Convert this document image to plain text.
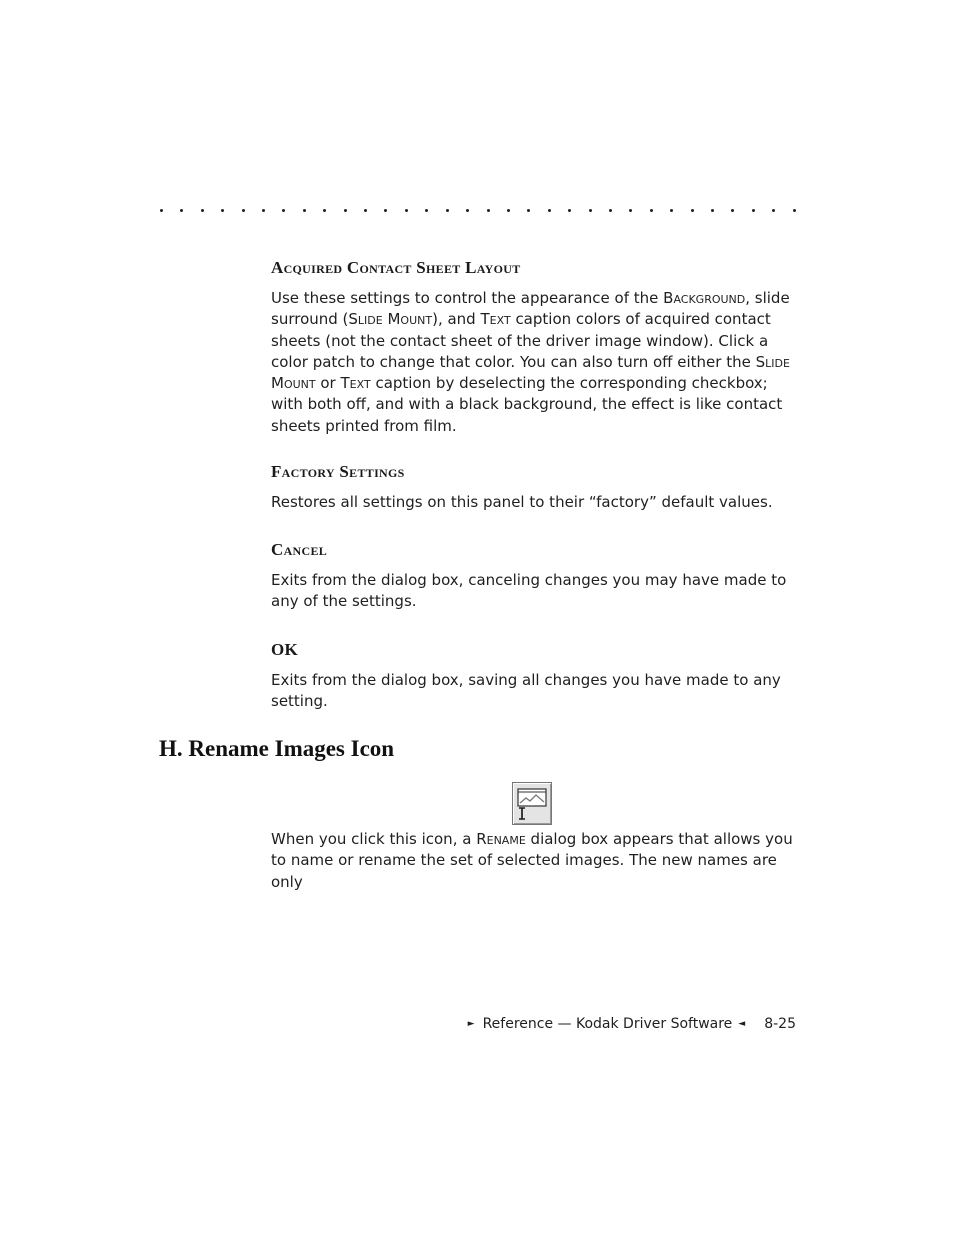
Acquired Contact Sheet Layout

Use these settings to control the appearance of the Background, slide surround (Slide Mount), and Text caption colors of acquired contact sheets (not the contact sheet of the driver image window). Click a color patch to change that color. You can also turn off either the Slide Mount or Text caption by deselecting the corresponding checkbox; with both off, and with a black background, the effect is like contact sheets printed from film.

Factory Settings

Restores all settings on this panel to their “factory” default values.

Cancel

Exits from the dialog box, canceling changes you may have made to any of the settings.

OK

Exits from the dialog box, saving all changes you have made to any setting.

H. Rename Images Icon

When you click this icon, a Rename dialog box appears that allows you to name or rename the set of selected images. The new names are only

► Reference — Kodak Driver Software ◄ 8-25
